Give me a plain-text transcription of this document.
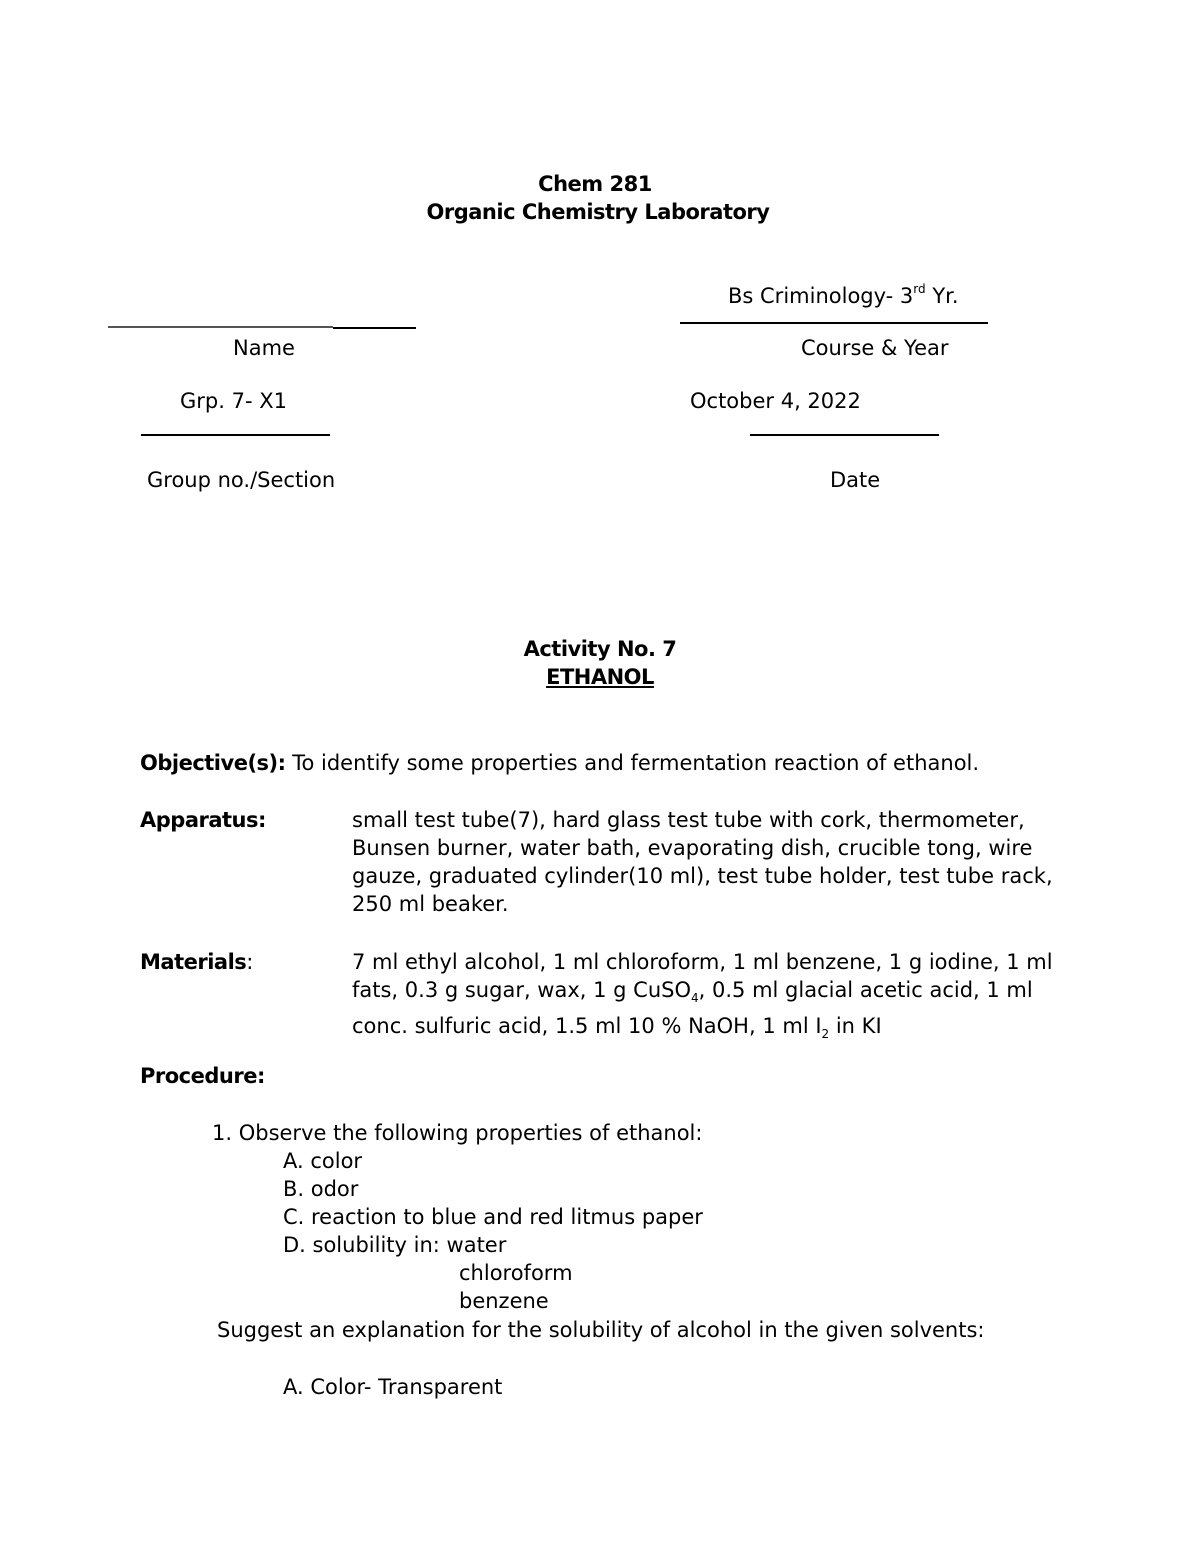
Chem 281
Organic Chemistry Laboratory
Bs Criminology- 3rd Yr.
Name	Course & Year
Grp. 7- X1	October 4, 2022
Group no./Section	Date
Activity No. 7
ETHANOL
Objective(s): To identify some properties and fermentation reaction of ethanol.
Apparatus:	small test tube(7), hard glass test tube with cork, thermometer,
Bunsen burner, water bath, evaporating dish, crucible tong, wire
gauze, graduated cylinder(10 ml), test tube holder, test tube rack,
250 ml beaker.
Materials:	7 ml ethyl alcohol, 1 ml chloroform, 1 ml benzene, 1 g iodine, 1 ml
fats, 0.3 g sugar, wax, 1 g CuSO$_4$, 0.5 ml glacial acetic acid, 1 ml
conc. sulfuric acid, 1.5 ml 10 % NaOH, 1 ml $I_2$ in KI
Procedure:
1. Observe the following properties of ethanol:
A. color
B. odor
C. reaction to blue and red litmus paper
D. solubility in: water
chloroform
benzene
Suggest an explanation for the solubility of alcohol in the given solvents:
A. Color- Transparent
